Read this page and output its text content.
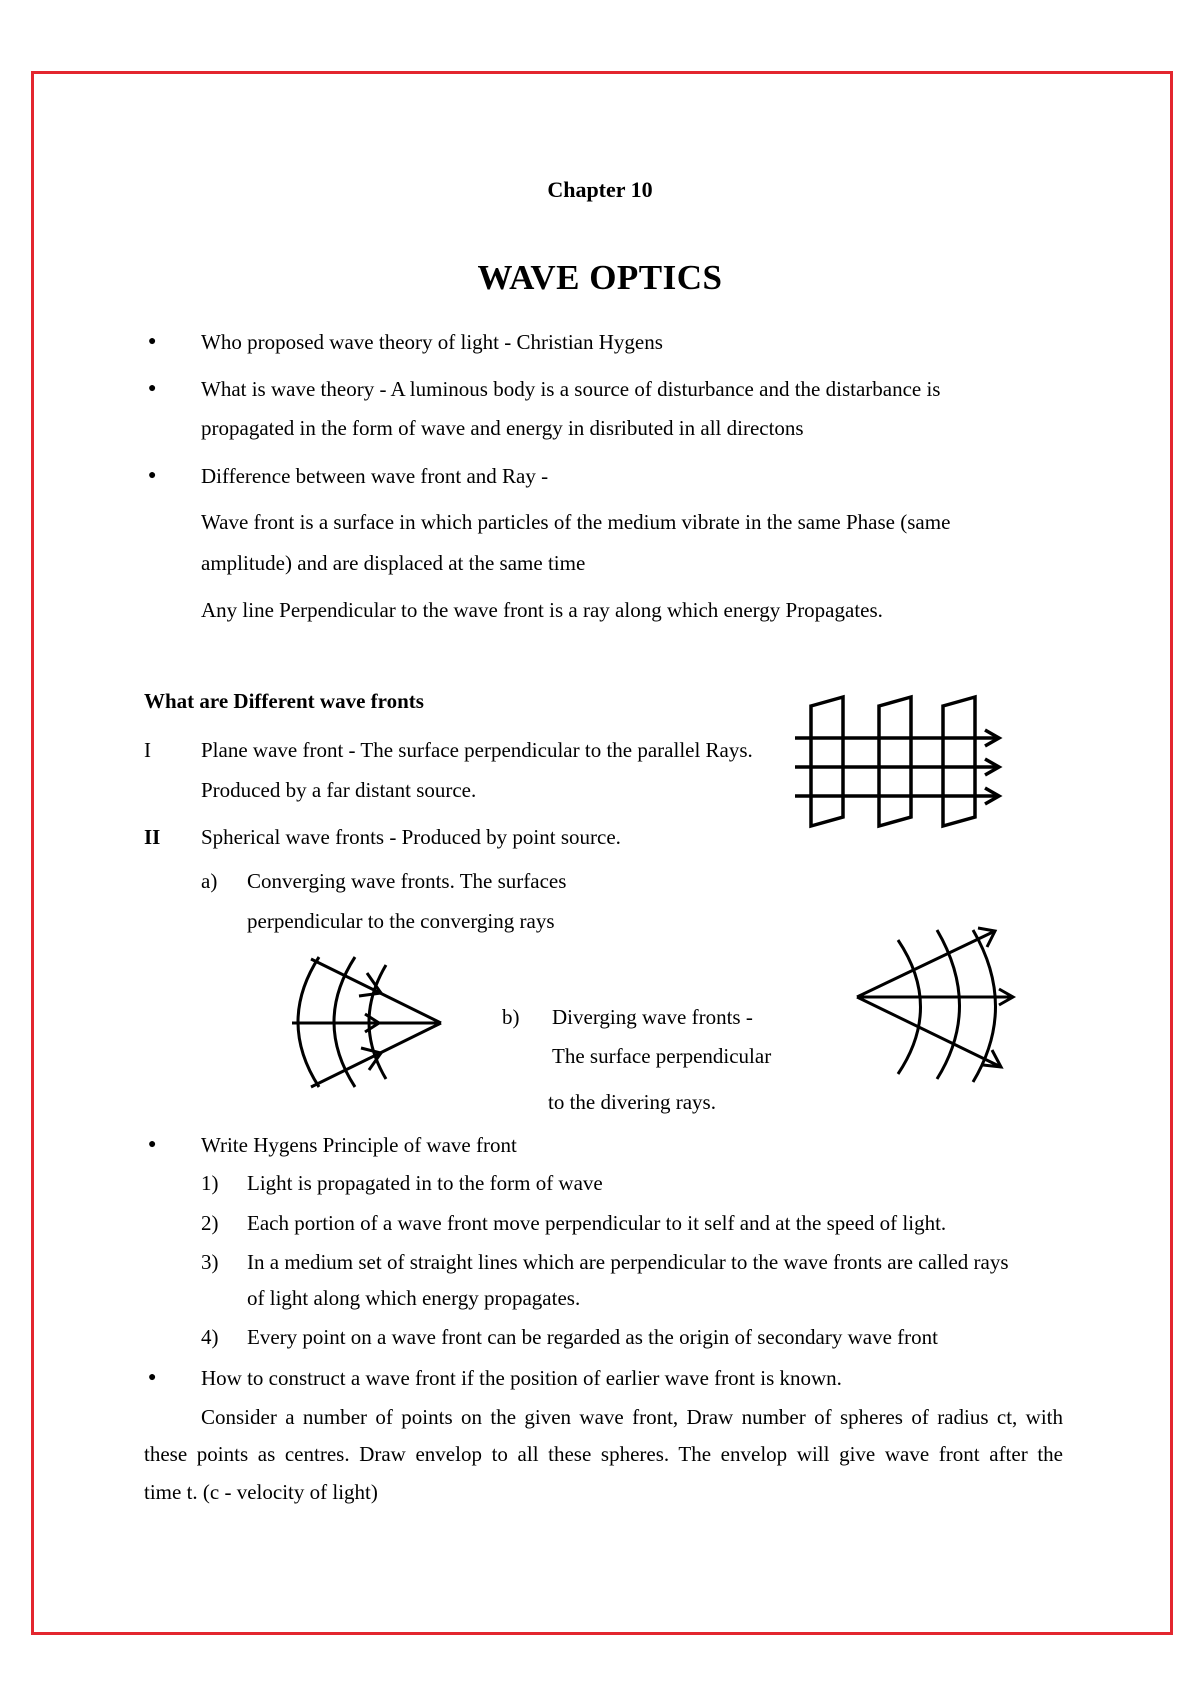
Chapter 10
WAVE OPTICS
● Who proposed wave theory of light - Christian Hygens
● What is wave theory - A luminous body is a source of disturbance and the distarbance is
propagated in the form of wave and energy in disributed in all directons
● Difference between wave front and Ray -
Wave front is a surface in which particles of the medium vibrate in the same Phase (same
amplitude) and are displaced at the same time
Any line Perpendicular to the wave front is a ray along which energy Propagates.
What are Different wave fronts
I Plane wave front - The surface perpendicular to the parallel Rays.
Produced by a far distant source.
II Spherical wave fronts - Produced by point source.
a) Converging wave fronts. The surfaces
perpendicular to the converging rays
b) Diverging wave fronts -
The surface perpendicular
to the divering rays.
● Write Hygens Principle of wave front
1) Light is propagated in to the form of wave
2) Each portion of a wave front move perpendicular to it self and at the speed of light.
3) In a medium set of straight lines which are perpendicular to the wave fronts are called rays
of light along which energy propagates.
4) Every point on a wave front can be regarded as the origin of secondary wave front
● How to construct a wave front if the position of earlier wave front is known.
Consider a number of points on the given wave front, Draw number of spheres of radius ct, with
these points as centres. Draw envelop to all these spheres. The envelop will give wave front after the
time t. (c - velocity of light)
